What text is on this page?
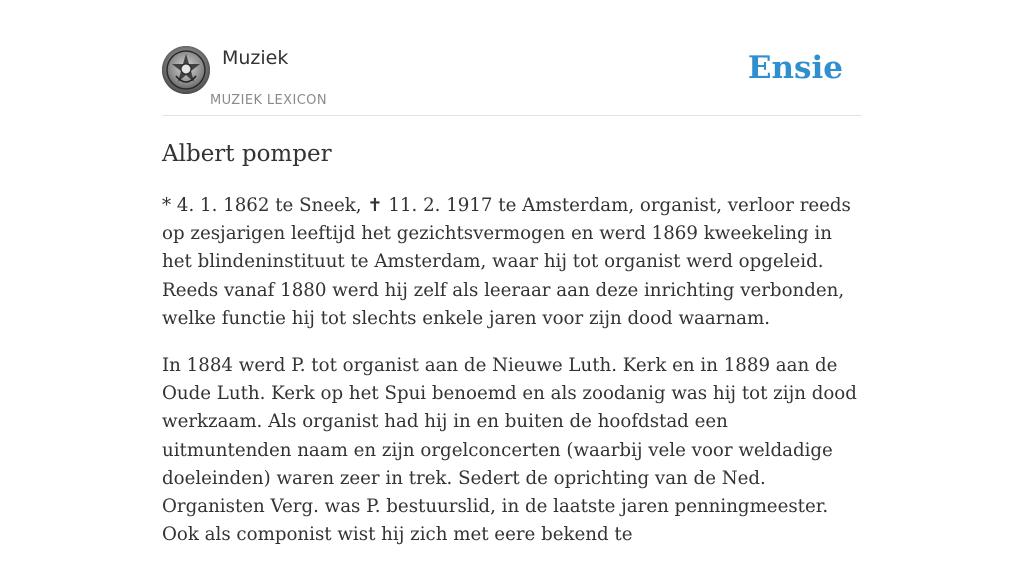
Muziek
MUZIEK LEXICON
Ensie
Albert pomper

* 4. 1. 1862 te Sneek, ✝ 11. 2. 1917 te Amsterdam, organist, verloor reeds op zesjarigen leeftijd het gezichtsvermogen en werd 1869 kweekeling in het blindeninstituut te Amsterdam, waar hij tot organist werd opgeleid. Reeds vanaf 1880 werd hij zelf als leeraar aan deze inrichting verbonden, welke functie hij tot slechts enkele jaren voor zijn dood waarnam.

In 1884 werd P. tot organist aan de Nieuwe Luth. Kerk en in 1889 aan de Oude Luth. Kerk op het Spui benoemd en als zoodanig was hij tot zijn dood werkzaam. Als organist had hij in en buiten de hoofdstad een uitmuntenden naam en zijn orgelconcerten (waarbij vele voor weldadige doeleinden) waren zeer in trek. Sedert de oprichting van de Ned. Organisten Verg. was P. bestuurslid, in de laatste jaren penningmeester. Ook als componist wist hij zich met eere bekend te
